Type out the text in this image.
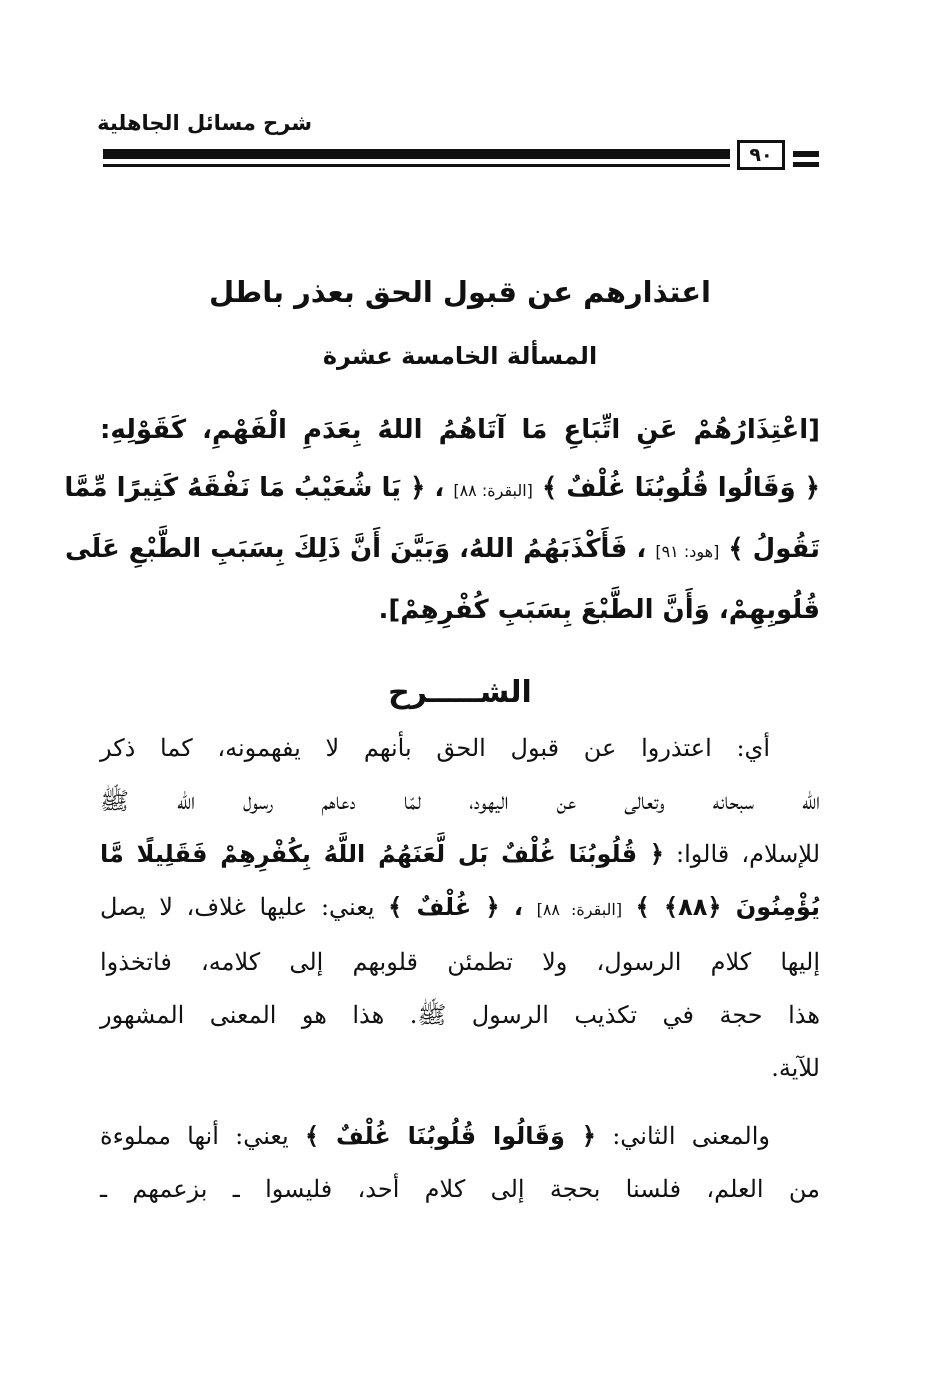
شرح مسائل الجاهلية
٩٠
اعتذارهم عن قبول الحق بعذر باطل
المسألة الخامسة عشرة
[اعْتِذَارُهُمْ عَنِ اتِّبَاعِ مَا آتَاهُمُ اللهُ بِعَدَمِ الْفَهْمِ، كَقَوْلِهِ:
﴿ وَقَالُوا قُلُوبُنَا غُلْفٌ ﴾ [البقرة: ٨٨] ، ﴿ يَا شُعَيْبُ مَا نَفْقَهُ كَثِيرًا مِّمَّا
تَقُولُ ﴾ [هود: ٩١] ، فَأَكْذَبَهُمُ اللهُ، وَبَيَّنَ أَنَّ ذَلِكَ بِسَبَبِ الطَّبْعِ عَلَى
قُلُوبِهِمْ، وَأَنَّ الطَّبْعَ بِسَبَبِ كُفْرِهِمْ].
الشـــــرح
أي: اعتذروا عن قبول الحق بأنهم لا يفهمونه، كما ذكر
الله سبحانه وتعالى عن اليهود، لمّا دعاهم رسول الله ﷺ
للإسلام، قالوا: ﴿ قُلُوبُنَا غُلْفٌ بَل لَّعَنَهُمُ اللَّهُ بِكُفْرِهِمْ فَقَلِيلًا مَّا
يُؤْمِنُونَ ﴿٨٨﴾ ﴾ [البقرة: ٨٨] ، ﴿ غُلْفٌ ﴾ يعني: عليها غلاف، لا يصل
إليها كلام الرسول، ولا تطمئن قلوبهم إلى كلامه، فاتخذوا
هذا حجة في تكذيب الرسول ﷺ. هذا هو المعنى المشهور
للآية.
والمعنى الثاني: ﴿ وَقَالُوا قُلُوبُنَا غُلْفٌ ﴾ يعني: أنها مملوءة
من العلم، فلسنا بحجة إلى كلام أحد، فليسوا ـ بزعمهم ـ
